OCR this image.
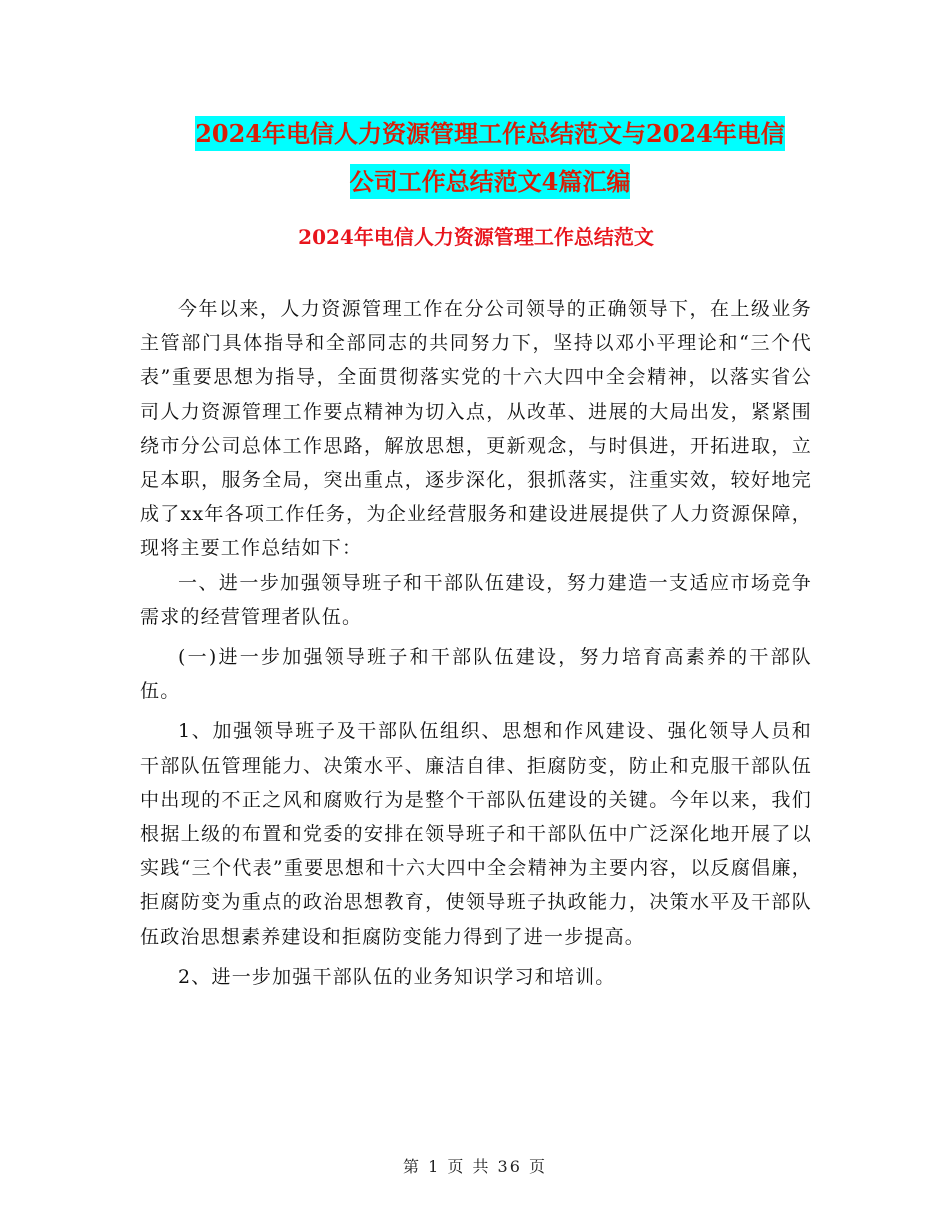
2024年电信人力资源管理工作总结范文与2024年电信
公司工作总结范文4篇汇编
2024年电信人力资源管理工作总结范文

今年以来，人力资源管理工作在分公司领导的正确领导下，在上级业务主管部门具体指导和全部同志的共同努力下，坚持以邓小平理论和“三个代表”重要思想为指导，全面贯彻落实党的十六大四中全会精神，以落实省公司人力资源管理工作要点精神为切入点，从改革、进展的大局出发，紧紧围绕市分公司总体工作思路，解放思想，更新观念，与时俱进，开拓进取，立足本职，服务全局，突出重点，逐步深化，狠抓落实，注重实效，较好地完成了xx年各项工作任务，为企业经营服务和建设进展提供了人力资源保障，现将主要工作总结如下：

一、进一步加强领导班子和干部队伍建设，努力建造一支适应市场竞争需求的经营管理者队伍。

(一)进一步加强领导班子和干部队伍建设，努力培育高素养的干部队伍。

1、加强领导班子及干部队伍组织、思想和作风建设、强化领导人员和干部队伍管理能力、决策水平、廉洁自律、拒腐防变，防止和克服干部队伍中出现的不正之风和腐败行为是整个干部队伍建设的关键。今年以来，我们根据上级的布置和党委的安排在领导班子和干部队伍中广泛深化地开展了以实践“三个代表”重要思想和十六大四中全会精神为主要内容，以反腐倡廉，拒腐防变为重点的政治思想教育，使领导班子执政能力，决策水平及干部队伍政治思想素养建设和拒腐防变能力得到了进一步提高。

2、进一步加强干部队伍的业务知识学习和培训。

第 1 页 共 36 页
